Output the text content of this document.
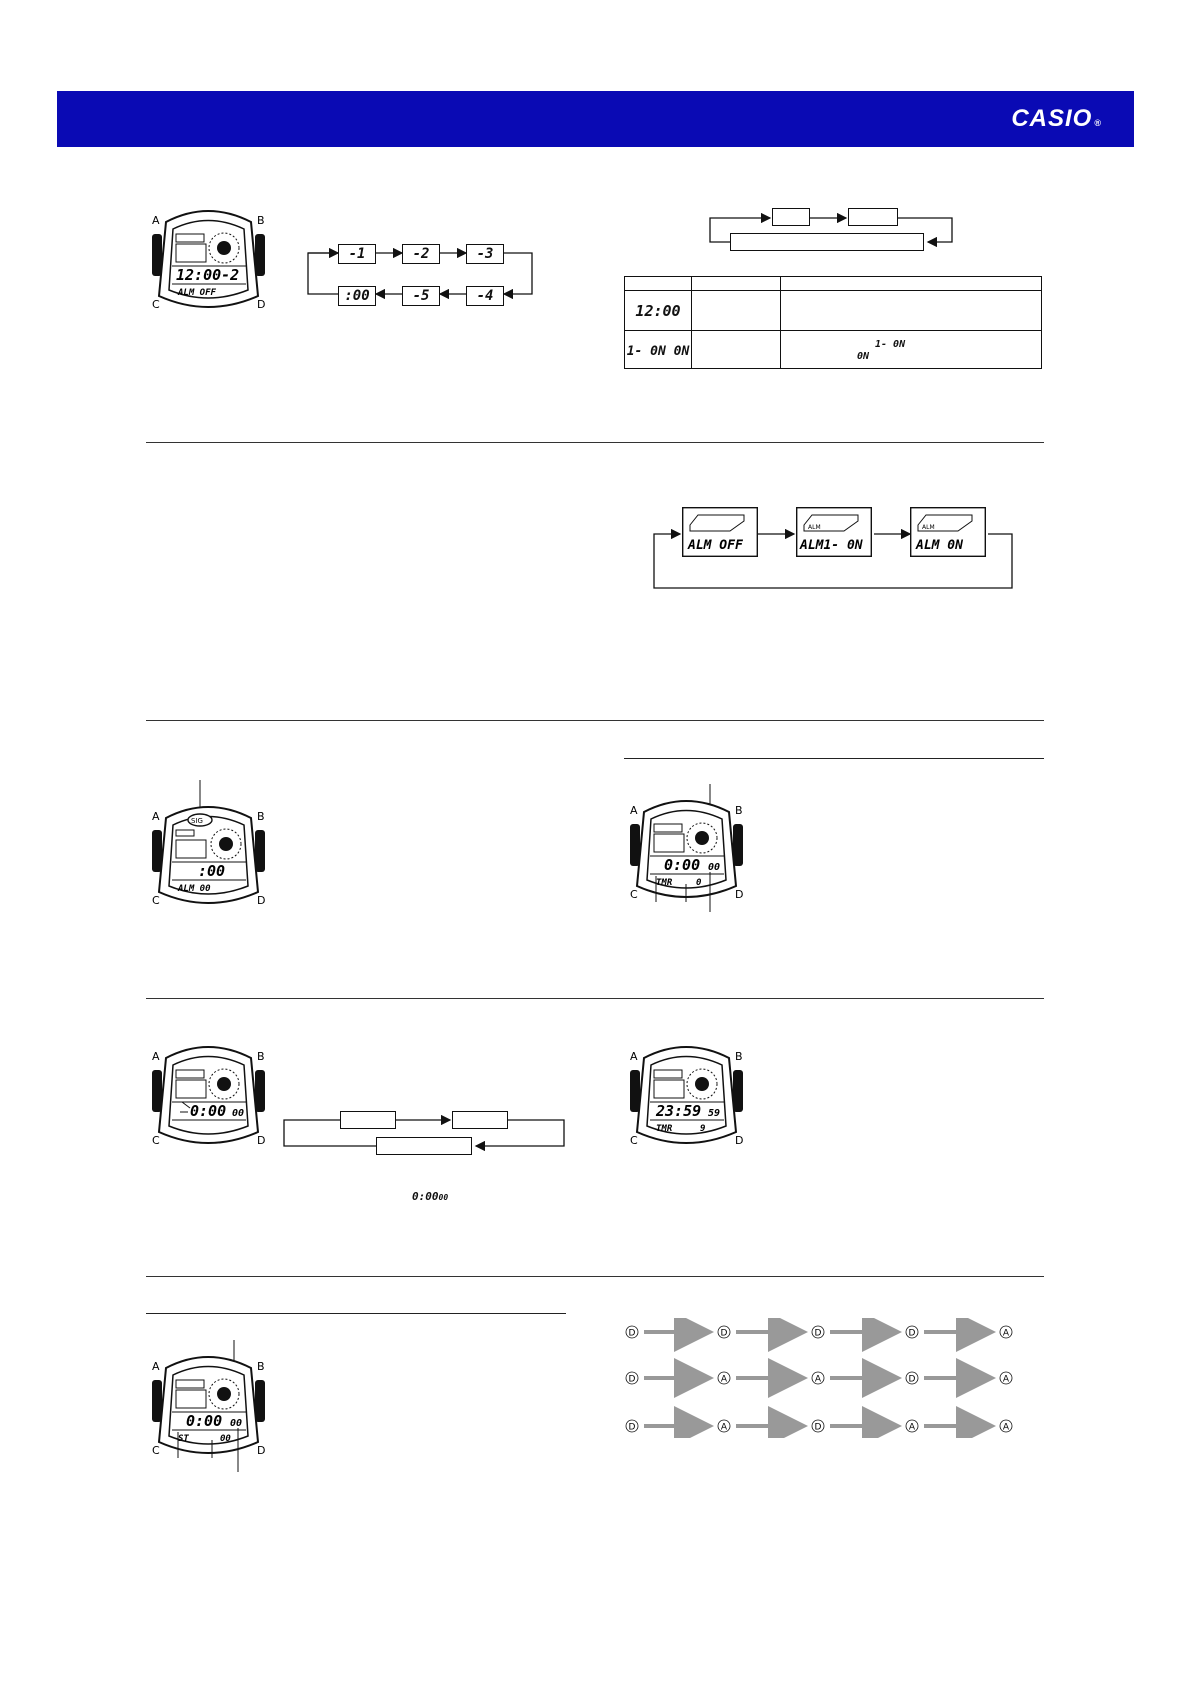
CASIO ®
12:00-2
ALM OFF
A	B
C	D
-1	-2	-3
-4
-5
:00

12:00		
1- 0N 0N		0N
1- 0N
ALM OFF
ALM
ALM1- 0N
ALM
ALM 0N
SIG
:00
ALM 00
A	B
C	D
0:00 00
TMR	0
A	B
C	D
0:00 00
A	B
C	D
0:0000
23:59 59
TMR	9
A	B
C	D
0:00 00
ST	00
A	B
C	D
D	D	D	D	A
D	A	A	D	A
D	A	D	A	A
